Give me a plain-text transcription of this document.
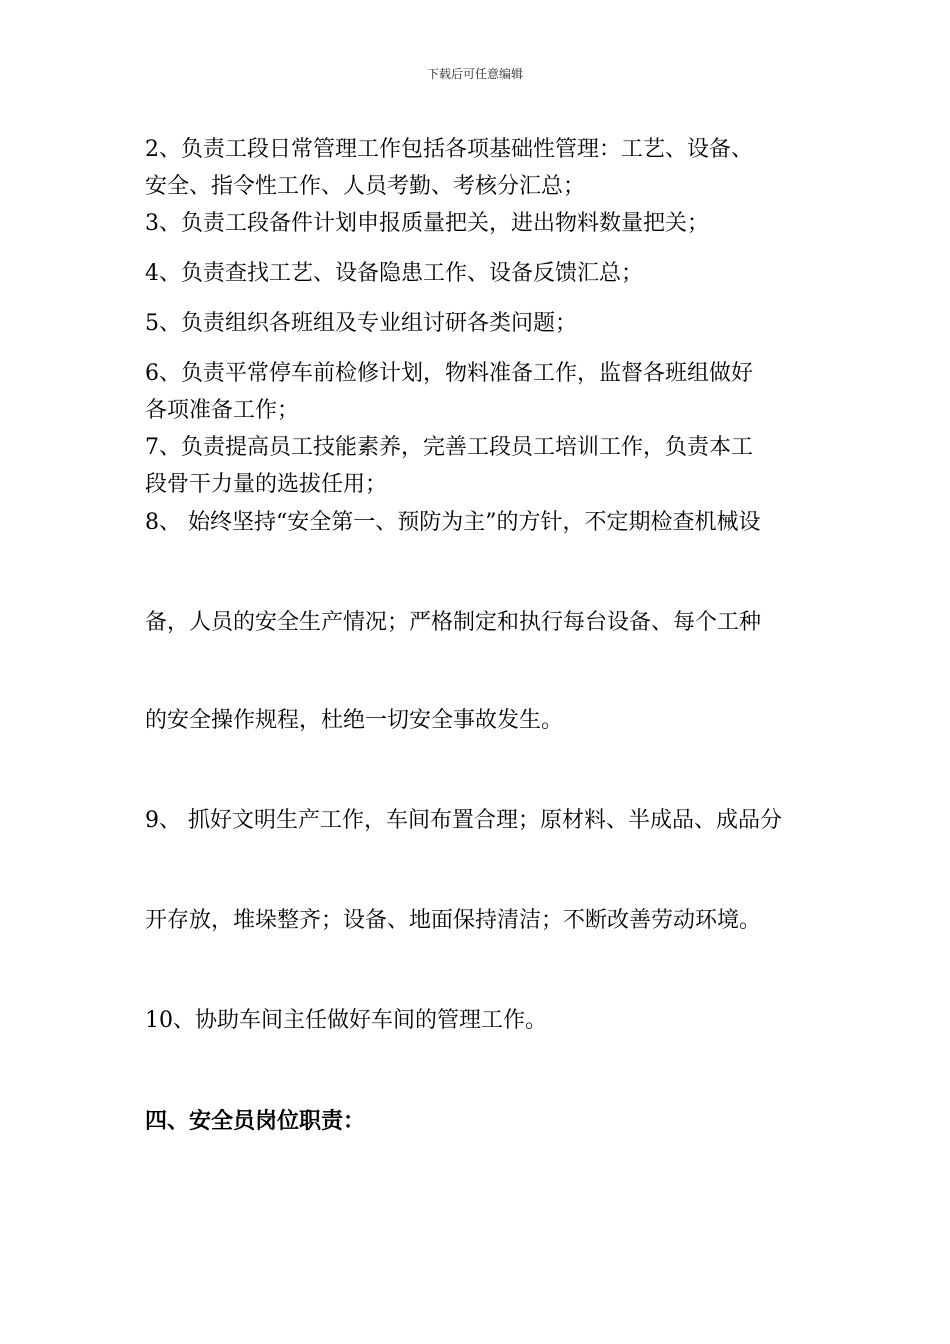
下载后可任意编辑
2、负责工段日常管理工作包括各项基础性管理：工艺、设备、
安全、指令性工作、人员考勤、考核分汇总；
3、负责工段备件计划申报质量把关，进出物料数量把关；
4、负责查找工艺、设备隐患工作、设备反馈汇总；
5、负责组织各班组及专业组讨研各类问题；
6、负责平常停车前检修计划，物料准备工作，监督各班组做好
各项准备工作；
7、负责提高员工技能素养，完善工段员工培训工作，负责本工
段骨干力量的选拔任用；
8、 始终坚持“安全第一、预防为主”的方针，不定期检查机械设
备，人员的安全生产情况；严格制定和执行每台设备、每个工种
的安全操作规程，杜绝一切安全事故发生。
9、 抓好文明生产工作，车间布置合理；原材料、半成品、成品分
开存放，堆垛整齐；设备、地面保持清洁；不断改善劳动环境。
10、协助车间主任做好车间的管理工作。
四、安全员岗位职责：
